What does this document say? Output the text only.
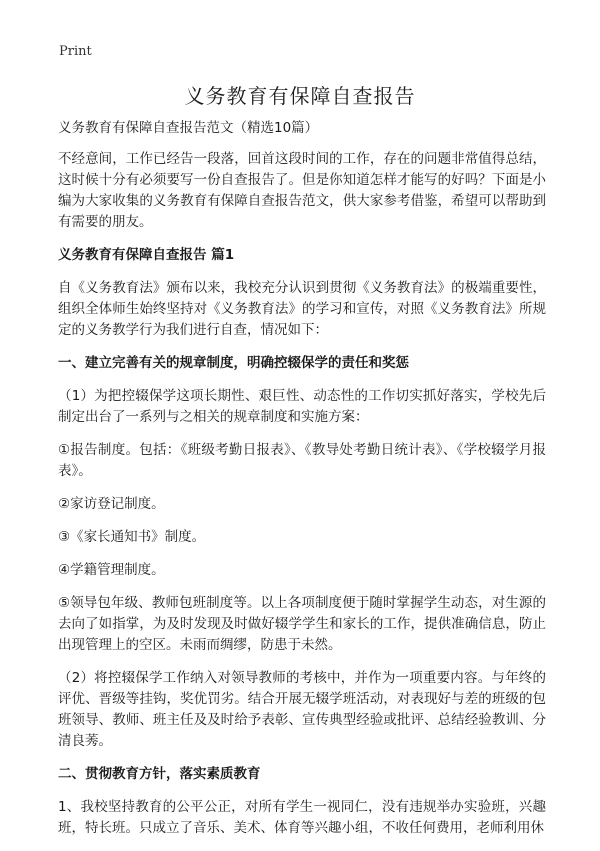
Print
义务教育有保障自查报告

义务教育有保障自查报告范文（精选10篇）

不经意间，工作已经告一段落，回首这段时间的工作，存在的问题非常值得总结，这时候十分有必须要写一份自查报告了。但是你知道怎样才能写的好吗？下面是小编为大家收集的义务教育有保障自查报告范文，供大家参考借鉴，希望可以帮助到有需要的朋友。

义务教育有保障自查报告 篇1

自《义务教育法》颁布以来，我校充分认识到贯彻《义务教育法》的极端重要性，组织全体师生始终坚持对《义务教育法》的学习和宣传，对照《义务教育法》所规定的义务教学行为我们进行自查，情况如下：

一、建立完善有关的规章制度，明确控辍保学的责任和奖惩

（1）为把控辍保学这项长期性、艰巨性、动态性的工作切实抓好落实，学校先后制定出台了一系列与之相关的规章制度和实施方案：

①报告制度。包括：《班级考勤日报表》、《教导处考勤日统计表》、《学校辍学月报表》。

②家访登记制度。

③《家长通知书》制度。

④学籍管理制度。

⑤领导包年级、教师包班制度等。以上各项制度便于随时掌握学生动态，对生源的去向了如指掌，为及时发现及时做好辍学学生和家长的工作，提供准确信息，防止出现管理上的空区。未雨而绸缪，防患于未然。

（2）将控辍保学工作纳入对领导教师的考核中，并作为一项重要内容。与年终的评优、晋级等挂钩，奖优罚劣。结合开展无辍学班活动，对表现好与差的班级的包班领导、教师、班主任及及时给予表彰、宣传典型经验或批评、总结经验教训、分清良莠。

二、贯彻教育方针，落实素质教育

1、我校坚持教育的公平公正，对所有学生一视同仁，没有违规举办实验班，兴趣班，特长班。只成立了音乐、美术、体育等兴趣小组，不收任何费用，老师利用休
